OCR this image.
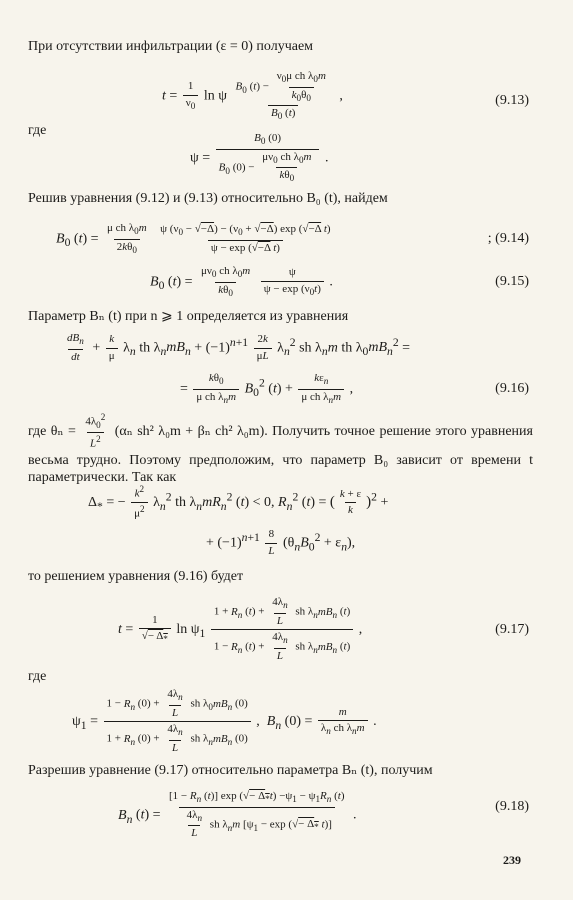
При отсутствии инфильтрации (ε = 0) получаем
$t = \frac{1}{\nu_0}$ ln ψ $\frac{B_0 (t) - \frac{\nu_0\mu ch \lambda_0m}{k_0\theta_0}}{B_0 (t)}$ ,	(9.13)
где
$\psi = \frac{B_0 (0)}{B_0 (0) - \frac{\mu\nu_0 ch \lambda_0m}{k\theta_0}}$ .
Решив уравнения (9.12) и (9.13) относительно B₀ (t), найдем
$B_0$ $(t) = \frac{\mu ch \lambda_0m}{2k\theta_0}$
$\frac{\psi (\nu_0 - √-\Delta) - (\nu_0 + √-\Delta) \exp (√-\Delta t)}{\text{ψ − exp (√−Δ t)}}$	; (9.14)
$B_0$ $(t) = \frac{\mu\nu_0 ch \lambda_0m}{k\theta_0}$
$\frac{\psi}{\psi - \exp (\nu_0t)}$ .	(9.15)
Параметр Bₙ (t) при n ⩾ 1 определяется из уравнения
$\frac{dB_n}{dt} + \frac{k}{\mu} \lambda_n$ th $\lambda_nmB_n + (-1)^{n+1} \frac{2k}{\mu L} \lambda_n^2$ sh $\lambda_nm$ th $\lambda_0mB_n^2$ =
= $\frac{k\theta_0}{\mu ch \lambda_nm} B_0^2$ $(t) + \frac{k\varepsilon_n}{\mu ch \lambda_nm}$ ,	(9.16)
где $\theta_n = \frac{4\lambda_0^2}{L^2} (\alpha_n$ sh² λ₀m + βₙ ch² λ₀m). Получить точное решение этого уравнения весьма трудно. Поэтому предположим, что параметр B₀ зависит от времени t параметрически. Так как
$\Delta_*$ = − $\frac{k^2}{\mu^2} \lambda_n^2$ th $\lambda_nmR_n^2$ (t) < 0, $R_n^2$ (t) = ( $\frac{k + \varepsilon}{k} )^2$ +
+ $(-1)^{n+1} \frac{8}{L} (\theta_nB_0^2 + \varepsilon_n)$,
то решением уравнения (9.16) будет
$t = \frac{1}{√- \Delta_*}$ $\ln \psi_1 \frac{1 + R_n (t) + \frac{4\lambda_n}{L} sh \lambda_nmB_n (t)}{1 - R_n (t) + \frac{4\lambda_n}{L} sh \lambda_nmB_n (t)}$ ,	(9.17)
где
$\psi_1 = \frac{1 - R_n (0) + \frac{4\lambda_n}{L} sh \lambda_0mB_n (0)}{1 + R_n (0) + \frac{4\lambda_n}{L} sh \lambda_nmB_n (0)}$ ,  $B_n$ $(0) = \frac{m}{\lambda_n ch \lambda_nm}$ .
Разрешив уравнение (9.17) относительно параметра Bₙ (t), получим
$B_n$ $(t) = \frac{[1 - R_n (t)] \exp (√- \Delta_*t) -\psi_1 - \psi_1R_n (t)}{\frac{4\lambda_n}{L} sh \lambda_nm [\psi_1 - \exp (√- \Delta_* t)]}$ .
(9.18)
239
